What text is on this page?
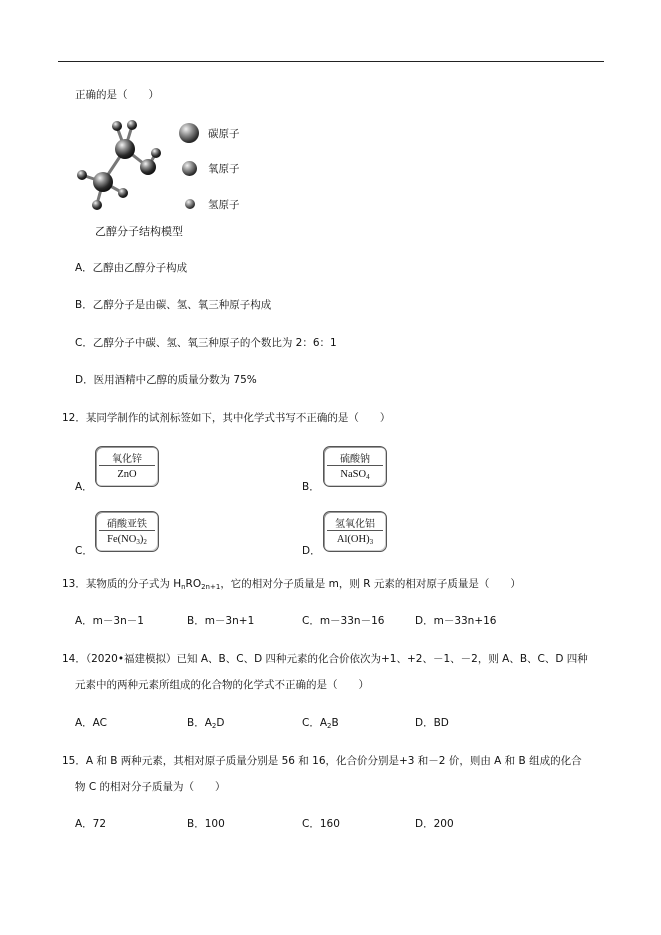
正确的是（　　）
碳原子
氧原子
氢原子
乙醇分子结构模型
A．乙醇由乙醇分子构成
B．乙醇分子是由碳、氢、氧三种原子构成
C．乙醇分子中碳、氢、氧三种原子的个数比为 2：6：1
D．医用酒精中乙醇的质量分数为 75%
12．某同学制作的试剂标签如下，其中化学式书写不正确的是（　　）
A．
氧化锌
ZnO
B．
硫酸钠
NaSO$_4$
C．
硝酸亚铁
$Fe(NO_3)_2$
D．
氢氧化铝
$Al(OH)_3$
13．某物质的分子式为 $H_nRO_{2n+1}$，它的相对分子质量是 m，则 R 元素的相对原子质量是（　　）
A．m－3n－1	B．m－3n+1	C．m－33n－16	D．m－33n+16
14．（2020•福建模拟）已知 A、B、C、D 四种元素的化合价依次为+1、+2、－1、－2，则 A、B、C、D 四种
元素中的两种元素所组成的化合物的化学式不正确的是（　　）
A．AC	B．$A_2D$	C．$A_2B$	D．BD
15．A 和 B 两种元素，其相对原子质量分别是 56 和 16，化合价分别是+3 和－2 价，则由 A 和 B 组成的化合
物 C 的相对分子质量为（　　）
A．72	B．100	C．160	D．200
